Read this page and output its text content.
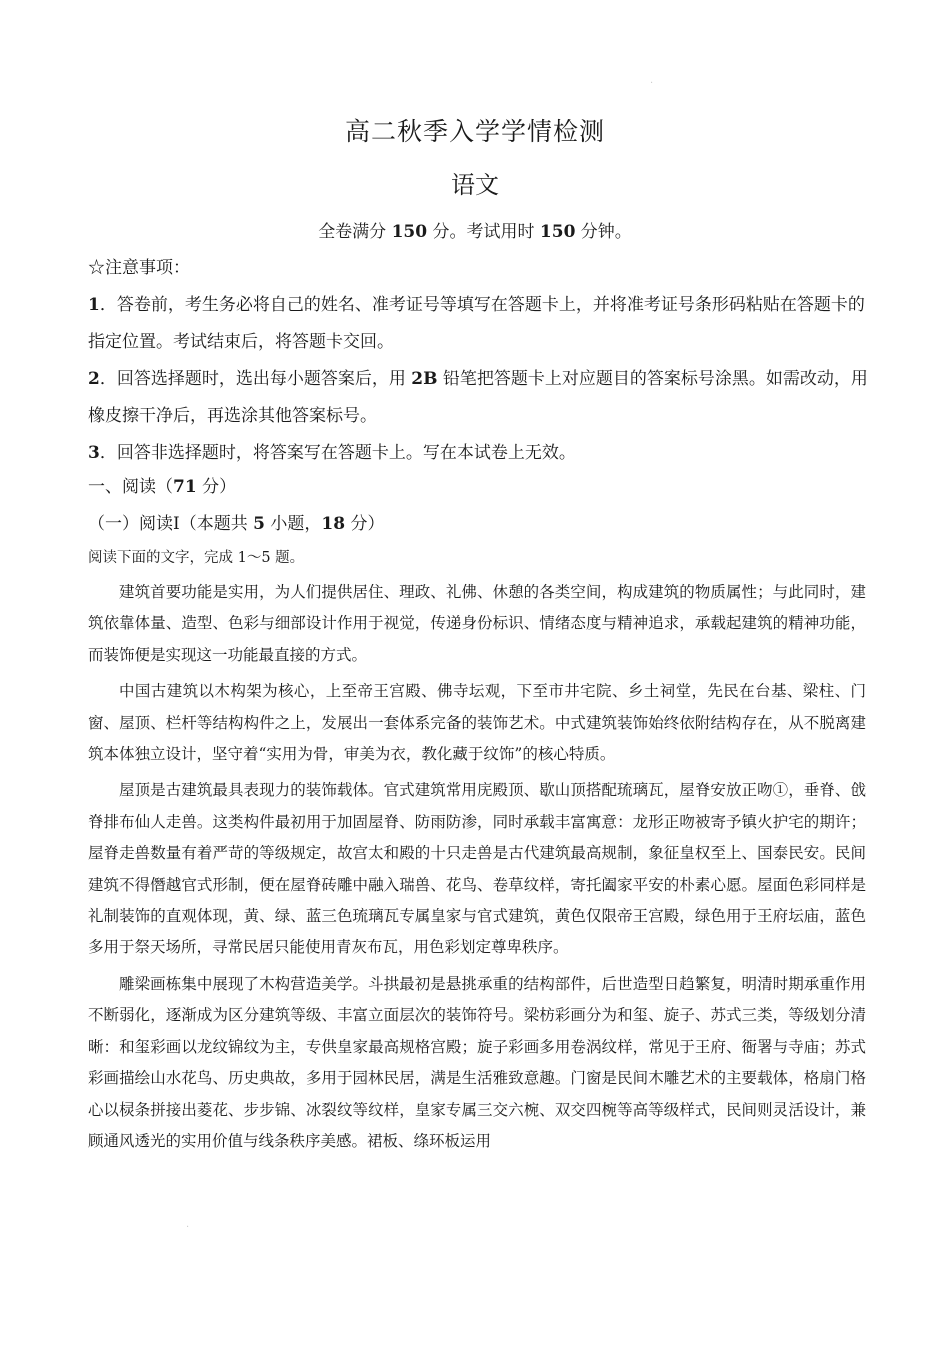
·
高二秋季入学学情检测
语文
全卷满分 150 分。考试用时 150 分钟。

☆注意事项：

1．答卷前，考生务必将自己的姓名、准考证号等填写在答题卡上，并将准考证号条形码粘贴在答题卡的指定位置。考试结束后，将答题卡交回。

2．回答选择题时，选出每小题答案后，用 2B 铅笔把答题卡上对应题目的答案标号涂黑。如需改动，用橡皮擦干净后，再选涂其他答案标号。

3．回答非选择题时，将答案写在答题卡上。写在本试卷上无效。

一、阅读（71 分）
（一）阅读Ⅰ（本题共 5 小题，18 分）
阅读下面的文字，完成 1～5 题。

建筑首要功能是实用，为人们提供居住、理政、礼佛、休憩的各类空间，构成建筑的物质属性；与此同时，建筑依靠体量、造型、色彩与细部设计作用于视觉，传递身份标识、情绪态度与精神追求，承载起建筑的精神功能，而装饰便是实现这一功能最直接的方式。

中国古建筑以木构架为核心，上至帝王宫殿、佛寺坛观，下至市井宅院、乡土祠堂，先民在台基、梁柱、门窗、屋顶、栏杆等结构构件之上，发展出一套体系完备的装饰艺术。中式建筑装饰始终依附结构存在，从不脱离建筑本体独立设计，坚守着“实用为骨，审美为衣，教化藏于纹饰”的核心特质。

屋顶是古建筑最具表现力的装饰载体。官式建筑常用庑殿顶、歇山顶搭配琉璃瓦，屋脊安放正吻①，垂脊、戗脊排布仙人走兽。这类构件最初用于加固屋脊、防雨防渗，同时承载丰富寓意：龙形正吻被寄予镇火护宅的期许；屋脊走兽数量有着严苛的等级规定，故宫太和殿的十只走兽是古代建筑最高规制，象征皇权至上、国泰民安。民间建筑不得僭越官式形制，便在屋脊砖雕中融入瑞兽、花鸟、卷草纹样，寄托阖家平安的朴素心愿。屋面色彩同样是礼制装饰的直观体现，黄、绿、蓝三色琉璃瓦专属皇家与官式建筑，黄色仅限帝王宫殿，绿色用于王府坛庙，蓝色多用于祭天场所，寻常民居只能使用青灰布瓦，用色彩划定尊卑秩序。

雕梁画栋集中展现了木构营造美学。斗拱最初是悬挑承重的结构部件，后世造型日趋繁复，明清时期承重作用不断弱化，逐渐成为区分建筑等级、丰富立面层次的装饰符号。梁枋彩画分为和玺、旋子、苏式三类，等级划分清晰：和玺彩画以龙纹锦纹为主，专供皇家最高规格宫殿；旋子彩画多用卷涡纹样，常见于王府、衙署与寺庙；苏式彩画描绘山水花鸟、历史典故，多用于园林民居，满是生活雅致意趣。门窗是民间木雕艺术的主要载体，格扇门格心以棂条拼接出菱花、步步锦、冰裂纹等纹样，皇家专属三交六椀、双交四椀等高等级样式，民间则灵活设计，兼顾通风透光的实用价值与线条秩序美感。裙板、绦环板运用

·
